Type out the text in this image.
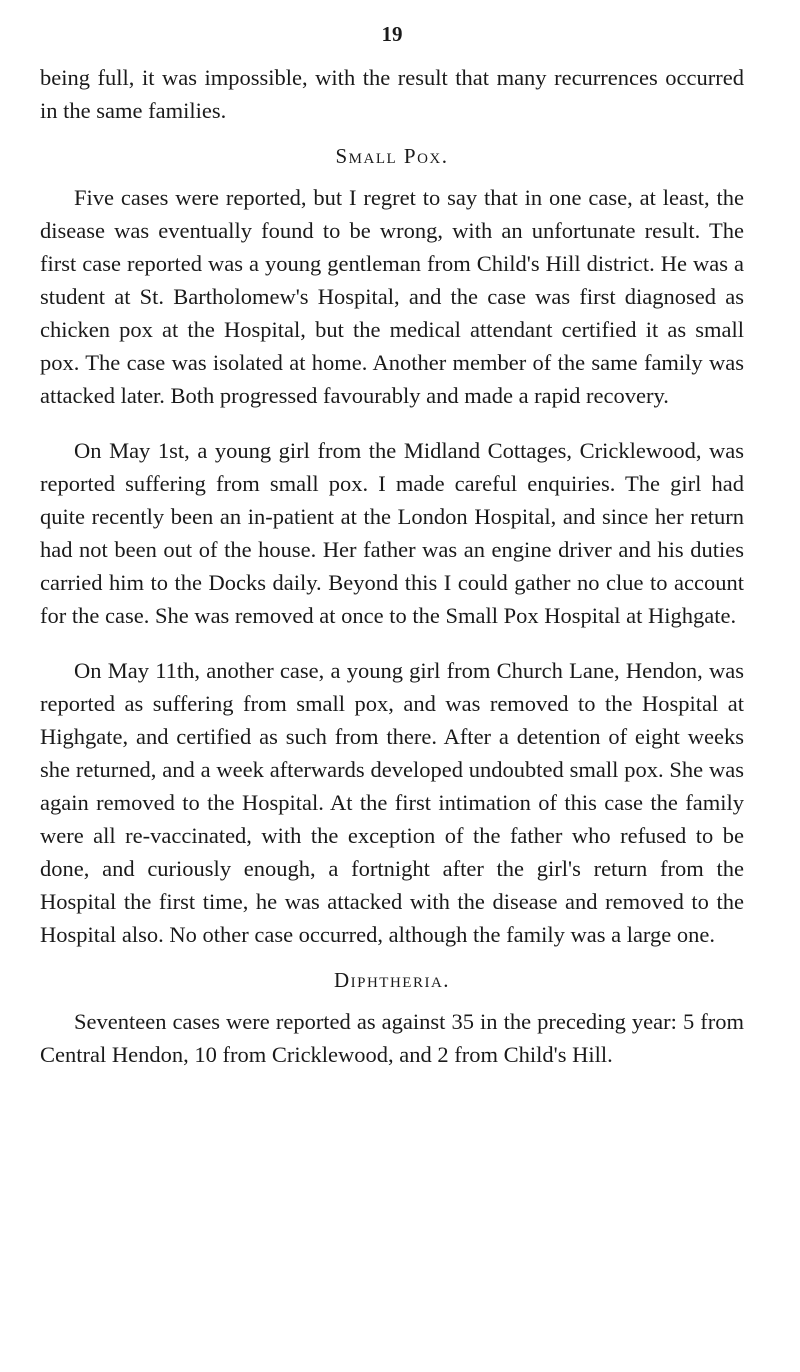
19

being full, it was impossible, with the result that many recurrences occurred in the same families.

Small Pox.

Five cases were reported, but I regret to say that in one case, at least, the disease was eventually found to be wrong, with an unfortunate result. The first case reported was a young gentleman from Child's Hill district. He was a student at St. Bartholomew's Hospital, and the case was first diagnosed as chicken pox at the Hospital, but the medical attendant certified it as small pox. The case was isolated at home. Another member of the same family was attacked later. Both progressed favourably and made a rapid recovery.

On May 1st, a young girl from the Midland Cottages, Cricklewood, was reported suffering from small pox. I made careful enquiries. The girl had quite recently been an in-patient at the London Hospital, and since her return had not been out of the house. Her father was an engine driver and his duties carried him to the Docks daily. Beyond this I could gather no clue to account for the case. She was removed at once to the Small Pox Hospital at Highgate.

On May 11th, another case, a young girl from Church Lane, Hendon, was reported as suffering from small pox, and was removed to the Hospital at Highgate, and certified as such from there. After a detention of eight weeks she returned, and a week afterwards developed undoubted small pox. She was again removed to the Hospital. At the first intimation of this case the family were all re-vaccinated, with the exception of the father who refused to be done, and curiously enough, a fortnight after the girl's return from the Hospital the first time, he was attacked with the disease and removed to the Hospital also. No other case occurred, although the family was a large one.

Diphtheria.

Seventeen cases were reported as against 35 in the preceding year: 5 from Central Hendon, 10 from Cricklewood, and 2 from Child's Hill.
